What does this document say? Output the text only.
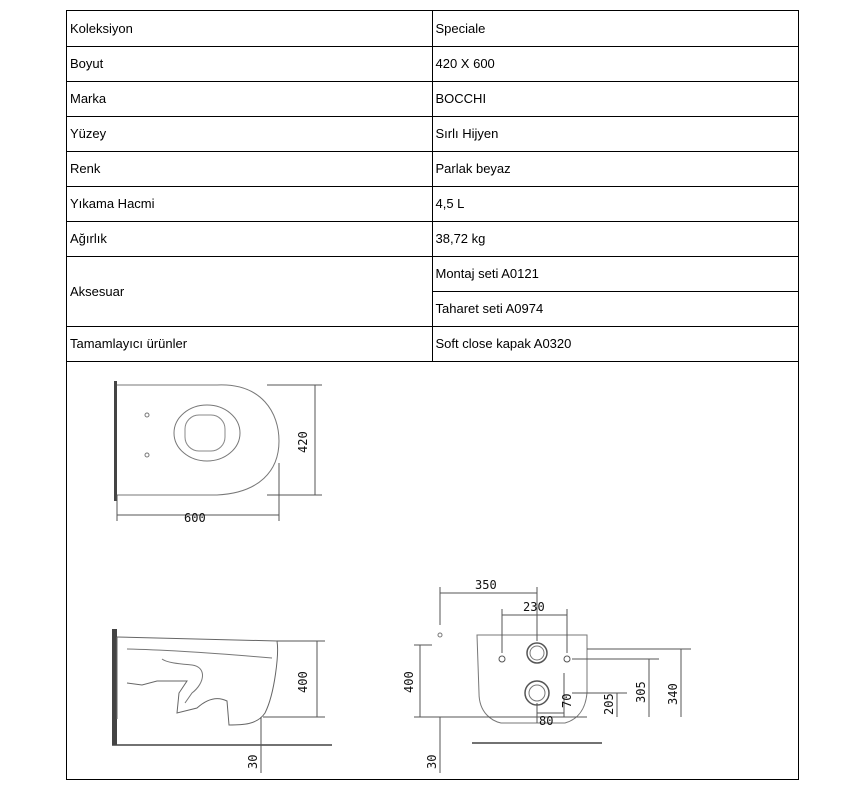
Koleksiyon	Speciale
Boyut	420 X 600
Marka	BOCCHI
Yüzey	Sırlı Hijyen
Renk	Parlak beyaz
Yıkama Hacmi	4,5 L
Ağırlık	38,72 kg
Aksesuar	Montaj seti A0121
	Taharet seti A0974
Tamamlayıcı ürünler	Soft close kapak A0320
600
420
400
30
350
230
400
30
80
70 205
305 340
